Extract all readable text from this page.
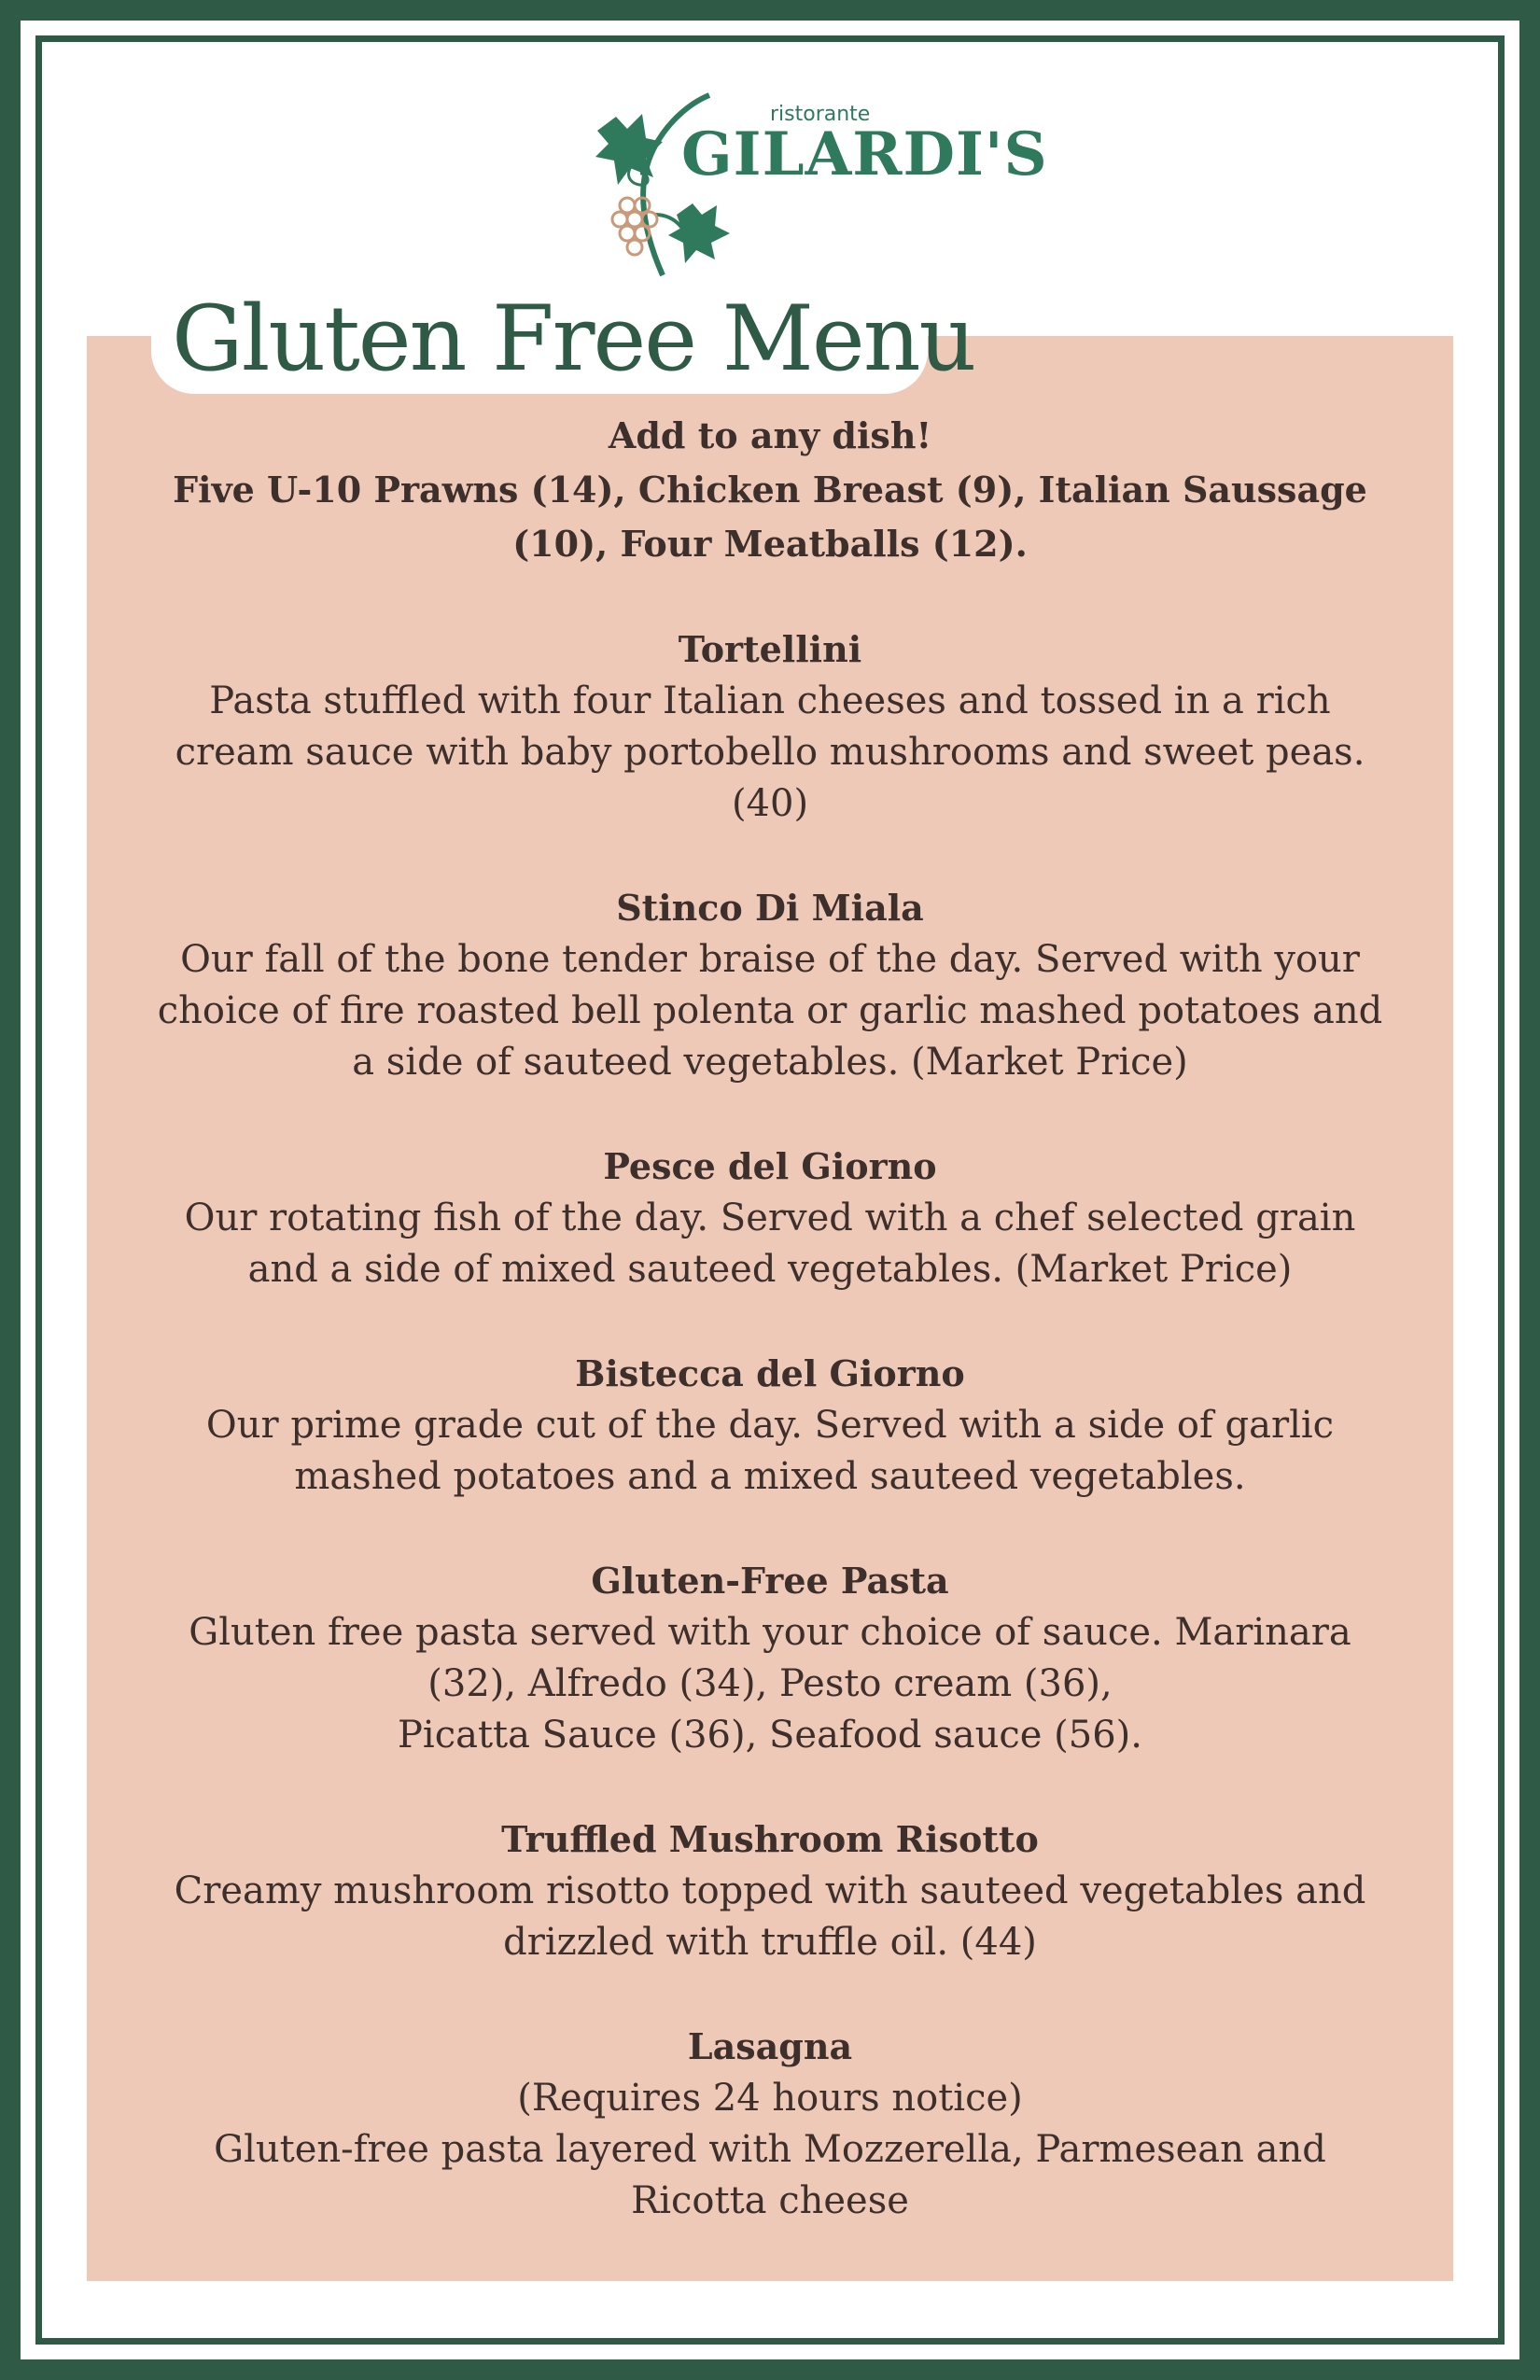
ristorante
GILARDI'S
Gluten Free Menu
Add to any dish!
Five U-10 Prawns (14), Chicken Breast (9), Italian Saussage
(10), Four Meatballs (12).
Tortellini
Pasta stuffled with four Italian cheeses and tossed in a rich
cream sauce with baby portobello mushrooms and sweet peas.
(40)
Stinco Di Miala
Our fall of the bone tender braise of the day. Served with your
choice of fire roasted bell polenta or garlic mashed potatoes and
a side of sauteed vegetables. (Market Price)
Pesce del Giorno
Our rotating fish of the day. Served with a chef selected grain
and a side of mixed sauteed vegetables. (Market Price)
Bistecca del Giorno
Our prime grade cut of the day. Served with a side of garlic
mashed potatoes and a mixed sauteed vegetables.
Gluten-Free Pasta
Gluten free pasta served with your choice of sauce. Marinara
(32), Alfredo (34), Pesto cream (36),
Picatta Sauce (36), Seafood sauce (56).
Truffled Mushroom Risotto
Creamy mushroom risotto topped with sauteed vegetables and
drizzled with truffle oil. (44)
Lasagna
(Requires 24 hours notice)
Gluten-free pasta layered with Mozzerella, Parmesean and
Ricotta cheese
